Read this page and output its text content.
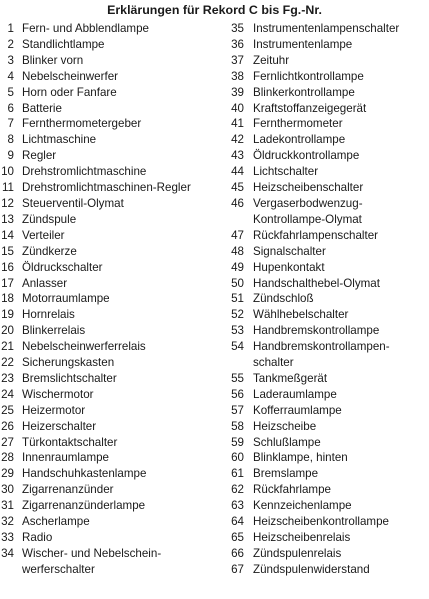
Erklärungen für Rekord C bis Fg.-Nr.
1 Fern- und Abblendlampe
2 Standlichtlampe
3 Blinker vorn
4 Nebelscheinwerfer
5 Horn oder Fanfare
6 Batterie
7 Fernthermometergeber
8 Lichtmaschine
9 Regler
10 Drehstromlichtmaschine
11 Drehstromlichtmaschinen-Regler
12 Steuerventil-Olymat
13 Zündspule
14 Verteiler
15 Zündkerze
16 Öldruckschalter
17 Anlasser
18 Motorraumlampe
19 Hornrelais
20 Blinkerrelais
21 Nebelscheinwerferrelais
22 Sicherungskasten
23 Bremslichtschalter
24 Wischermotor
25 Heizermotor
26 Heizerschalter
27 Türkontaktschalter
28 Innenraumlampe
29 Handschuhkastenlampe
30 Zigarrenanzünder
31 Zigarrenanzünderlampe
32 Ascherlampe
33 Radio
34 Wischer- und Nebelschein-
werferschalter
35 Instrumentenlampenschalter
36 Instrumentenlampe
37 Zeituhr
38 Fernlichtkontrollampe
39 Blinkerkontrollampe
40 Kraftstoffanzeigegerät
41 Fernthermometer
42 Ladekontrollampe
43 Öldruckkontrollampe
44 Lichtschalter
45 Heizscheibenschalter
46 Vergaserbodwenzug-
Kontrollampe-Olymat
47 Rückfahrlampenschalter
48 Signalschalter
49 Hupenkontakt
50 Handschalthebel-Olymat
51 Zündschloß
52 Wählhebelschalter
53 Handbremskontrollampe
54 Handbremskontrollampen-
schalter
55 Tankmeßgerät
56 Laderaumlampe
57 Kofferraumlampe
58 Heizscheibe
59 Schlußlampe
60 Blinklampe, hinten
61 Bremslampe
62 Rückfahrlampe
63 Kennzeichenlampe
64 Heizscheibenkontrollampe
65 Heizscheibenrelais
66 Zündspulenrelais
67 Zündspulenwiderstand
